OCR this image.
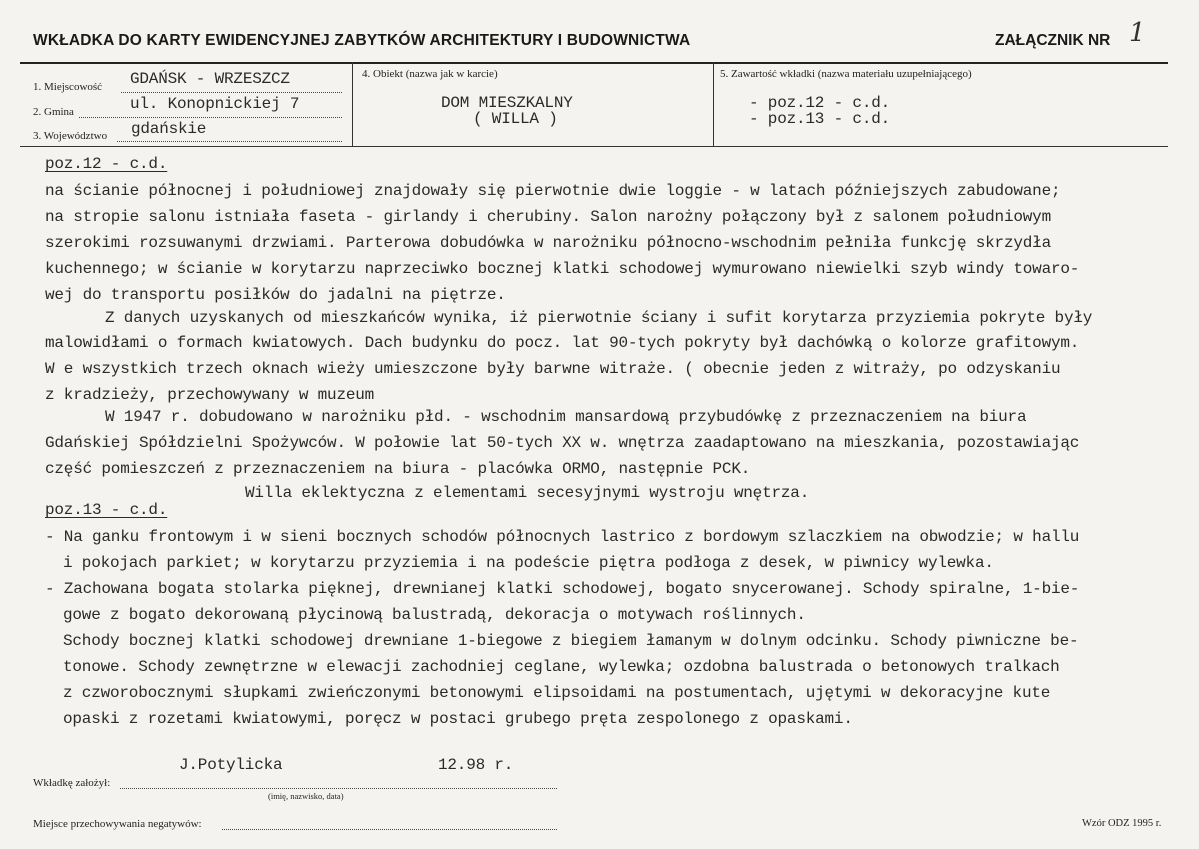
WKŁADKA DO KARTY EWIDENCYJNEJ ZABYTKÓW ARCHITEKTURY I BUDOWNICTWA	ZAŁĄCZNIK NR 1
1. Miejscowość GDAŃSK - WRZESZCZ
2. Gmina	ul. Konopnickiej 7
3. Województwo gdańskie
4. Obiekt (nazwa jak w karcie)
DOM MIESZKALNY
( WILLA )
5. Zawartość wkładki (nazwa materiału uzupełniającego)
- poz.12 - c.d.
- poz.13 - c.d.
poz.12 - c.d.
na ścianie północnej i południowej znajdowały się pierwotnie dwie loggie - w latach późniejszych zabudowane;
na stropie salonu istniała faseta - girlandy i cherubiny. Salon narożny połączony był z salonem południowym
szerokimi rozsuwanymi drzwiami. Parterowa dobudówka w narożniku północno-wschodnim pełniła funkcję skrzydła
kuchennego; w ścianie w korytarzu naprzeciwko bocznej klatki schodowej wymurowano niewielki szyb windy towaro-
wej do transportu posiłków do jadalni na piętrze.
Z danych uzyskanych od mieszkańców wynika, iż pierwotnie ściany i sufit korytarza przyziemia pokryte były
malowidłami o formach kwiatowych. Dach budynku do pocz. lat 90-tych pokryty był dachówką o kolorze grafitowym.
W e wszystkich trzech oknach wieży umieszczone były barwne witraże. ( obecnie jeden z witraży, po odzyskaniu
z kradzieży, przechowywany w muzeum
W 1947 r. dobudowano w narożniku płd. - wschodnim mansardową przybudówkę z przeznaczeniem na biura
Gdańskiej Spółdzielni Spożywców. W połowie lat 50-tych XX w. wnętrza zaadaptowano na mieszkania, pozostawiając
część pomieszczeń z przeznaczeniem na biura - placówka ORMO, następnie PCK.
Willa eklektyczna z elementami secesyjnymi wystroju wnętrza.
poz.13 - c.d.
- Na ganku frontowym i w sieni bocznych schodów północnych lastrico z bordowym szlaczkiem na obwodzie; w hallu
i pokojach parkiet; w korytarzu przyziemia i na podeście piętra podłoga z desek, w piwnicy wylewka.
- Zachowana bogata stolarka pięknej, drewnianej klatki schodowej, bogato snycerowanej. Schody spiralne, 1-bie-
gowe z bogato dekorowaną płycinową balustradą, dekoracja o motywach roślinnych.
Schody bocznej klatki schodowej drewniane 1-biegowe z biegiem łamanym w dolnym odcinku. Schody piwniczne be-
tonowe. Schody zewnętrzne w elewacji zachodniej ceglane, wylewka; ozdobna balustrada o betonowych tralkach
z czworobocznymi słupkami zwieńczonymi betonowymi elipsoidami na postumentach, ujętymi w dekoracyjne kute
opaski z rozetami kwiatowymi, poręcz w postaci grubego pręta zespolonego z opaskami.
J.Potylicka	12.98 r.
Wkładkę założył:
(imię, nazwisko, data)
Miejsce przechowywania negatywów:	Wzór ODZ 1995 r.
